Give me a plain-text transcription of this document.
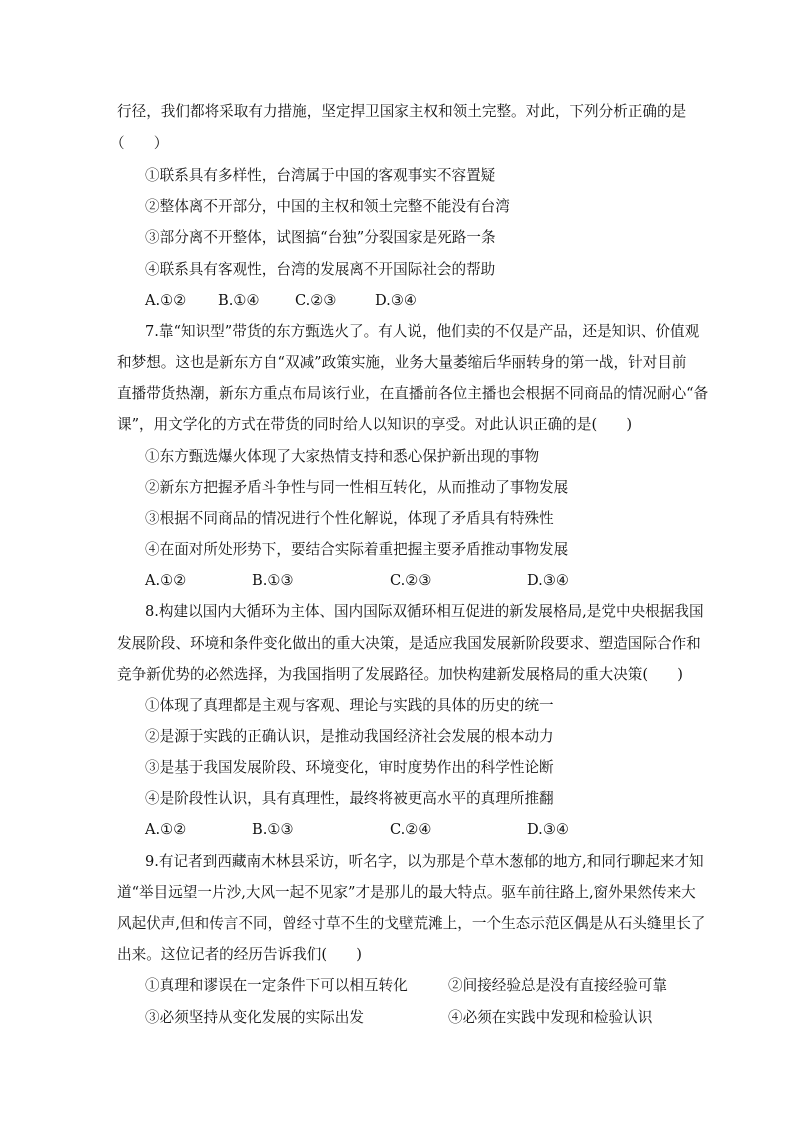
行径，我们都将采取有力措施，坚定捍卫国家主权和领土完整。对此，下列分析正确的是
（　　）
①联系具有多样性，台湾属于中国的客观事实不容置疑
②整体离不开部分，中国的主权和领土完整不能没有台湾
③部分离不开整体，试图搞“台独”分裂国家是死路一条
④联系具有客观性，台湾的发展离不开国际社会的帮助
A.①② B.①④ C.②③	D.③④
7.靠“知识型”带货的东方甄选火了。有人说，他们卖的不仅是产品，还是知识、价值观
和梦想。这也是新东方自“双减”政策实施，业务大量萎缩后华丽转身的第一战，针对目前
直播带货热潮，新东方重点布局该行业，在直播前各位主播也会根据不同商品的情况耐心“备
课”，用文学化的方式在带货的同时给人以知识的享受。对此认识正确的是(　　)
①东方甄选爆火体现了大家热情支持和悉心保护新出现的事物
②新东方把握矛盾斗争性与同一性相互转化，从而推动了事物发展
③根据不同商品的情况进行个性化解说，体现了矛盾具有特殊性
④在面对所处形势下，要结合实际着重把握主要矛盾推动事物发展
A.①②	B.①③	C.②③	D.③④
8.构建以国内大循环为主体、国内国际双循环相互促进的新发展格局,是党中央根据我国
发展阶段、环境和条件变化做出的重大决策，是适应我国发展新阶段要求、塑造国际合作和
竞争新优势的必然选择，为我国指明了发展路径。加快构建新发展格局的重大决策(　　)
①体现了真理都是主观与客观、理论与实践的具体的历史的统一
②是源于实践的正确认识，是推动我国经济社会发展的根本动力
③是基于我国发展阶段、环境变化，审时度势作出的科学性论断
④是阶段性认识，具有真理性，最终将被更高水平的真理所推翻
A.①②	B.①③	C.②④	D.③④
9.有记者到西藏南木林县采访，听名字，以为那是个草木葱郁的地方,和同行聊起来才知
道“举目远望一片沙,大风一起不见家”才是那儿的最大特点。驱车前往路上,窗外果然传来大
风起伏声,但和传言不同，曾经寸草不生的戈壁荒滩上，一个生态示范区偶是从石头缝里长了
出来。这位记者的经历告诉我们(　　)
①真理和谬误在一定条件下可以相互转化	②间接经验总是没有直接经验可靠
③必须坚持从变化发展的实际出发	④必须在实践中发现和检验认识
